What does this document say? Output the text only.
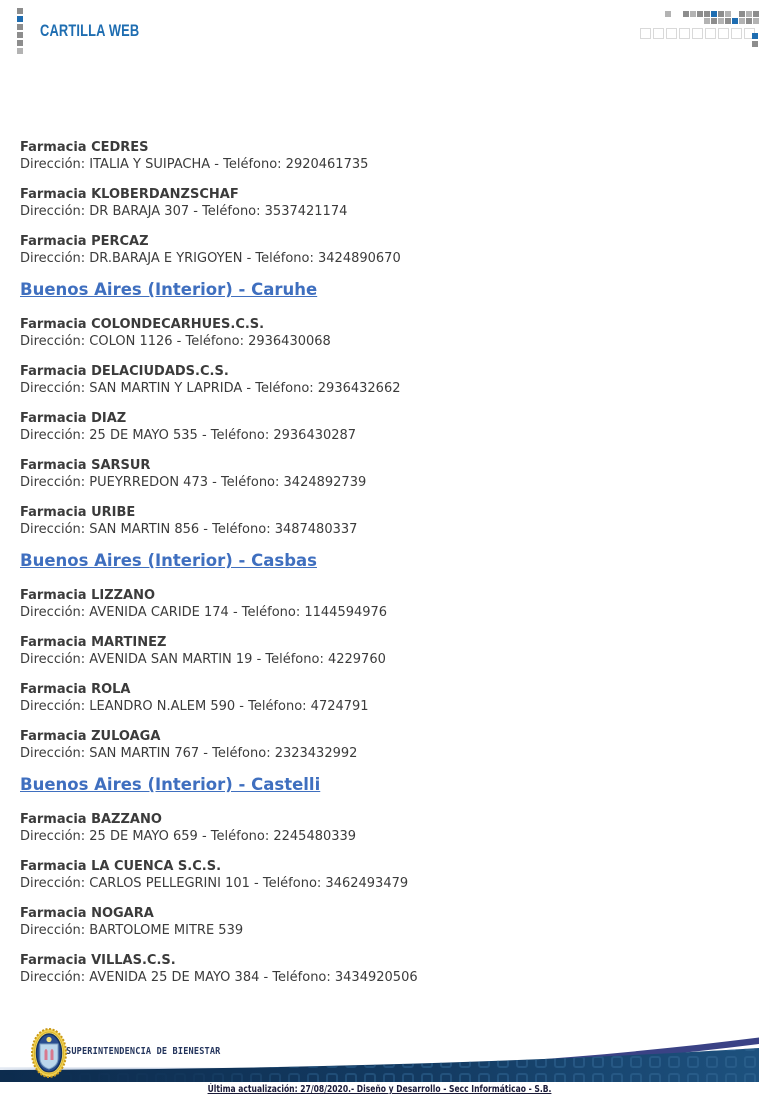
CARTILLA WEB
Farmacia CEDRES
Dirección: ITALIA Y SUIPACHA - Teléfono: 2920461735
Farmacia KLOBERDANZSCHAF
Dirección: DR BARAJA 307 - Teléfono: 3537421174
Farmacia PERCAZ
Dirección: DR.BARAJA E YRIGOYEN - Teléfono: 3424890670
Buenos Aires (Interior) - Caruhe
Farmacia COLONDECARHUES.C.S.
Dirección: COLON 1126 - Teléfono: 2936430068
Farmacia DELACIUDADS.C.S.
Dirección: SAN MARTIN Y LAPRIDA - Teléfono: 2936432662
Farmacia DIAZ
Dirección: 25 DE MAYO 535 - Teléfono: 2936430287
Farmacia SARSUR
Dirección: PUEYRREDON 473 - Teléfono: 3424892739
Farmacia URIBE
Dirección: SAN MARTIN 856 - Teléfono: 3487480337
Buenos Aires (Interior) - Casbas
Farmacia LIZZANO
Dirección: AVENIDA CARIDE 174 - Teléfono: 1144594976
Farmacia MARTINEZ
Dirección: AVENIDA SAN MARTIN 19 - Teléfono: 4229760
Farmacia ROLA
Dirección: LEANDRO N.ALEM 590 - Teléfono: 4724791
Farmacia ZULOAGA
Dirección: SAN MARTIN 767 - Teléfono: 2323432992
Buenos Aires (Interior) - Castelli
Farmacia BAZZANO
Dirección: 25 DE MAYO 659 - Teléfono: 2245480339
Farmacia LA CUENCA S.C.S.
Dirección: CARLOS PELLEGRINI 101 - Teléfono: 3462493479
Farmacia NOGARA
Dirección: BARTOLOME MITRE 539
Farmacia VILLAS.C.S.
Dirección: AVENIDA 25 DE MAYO 384 - Teléfono: 3434920506
SUPERINTENDENCIA DE BIENESTAR
Última actualización: 27/08/2020.- Diseño y Desarrollo - Secc Informáticao - S.B.
